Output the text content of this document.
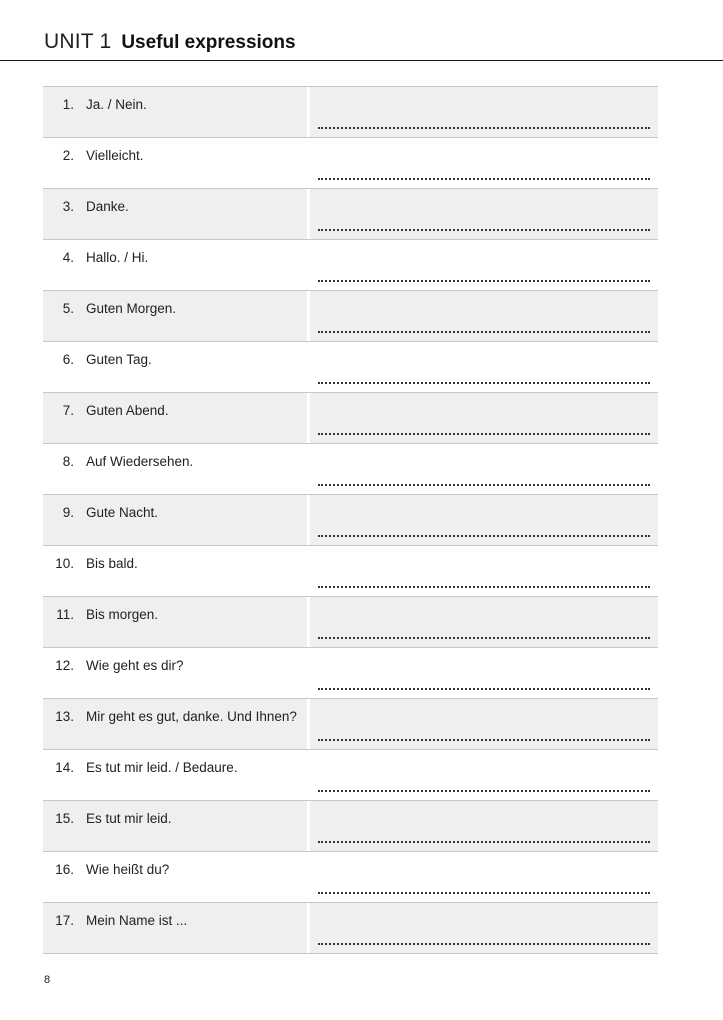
UNIT 1 Useful expressions
1. Ja. / Nein.
2. Vielleicht.
3. Danke.
4. Hallo. / Hi.
5. Guten Morgen.
6. Guten Tag.
7. Guten Abend.
8. Auf Wiedersehen.
9. Gute Nacht.
10. Bis bald.
11. Bis morgen.
12. Wie geht es dir?
13. Mir geht es gut, danke. Und Ihnen?
14. Es tut mir leid. / Bedaure.
15. Es tut mir leid.
16. Wie heißt du?
17. Mein Name ist ...
8
